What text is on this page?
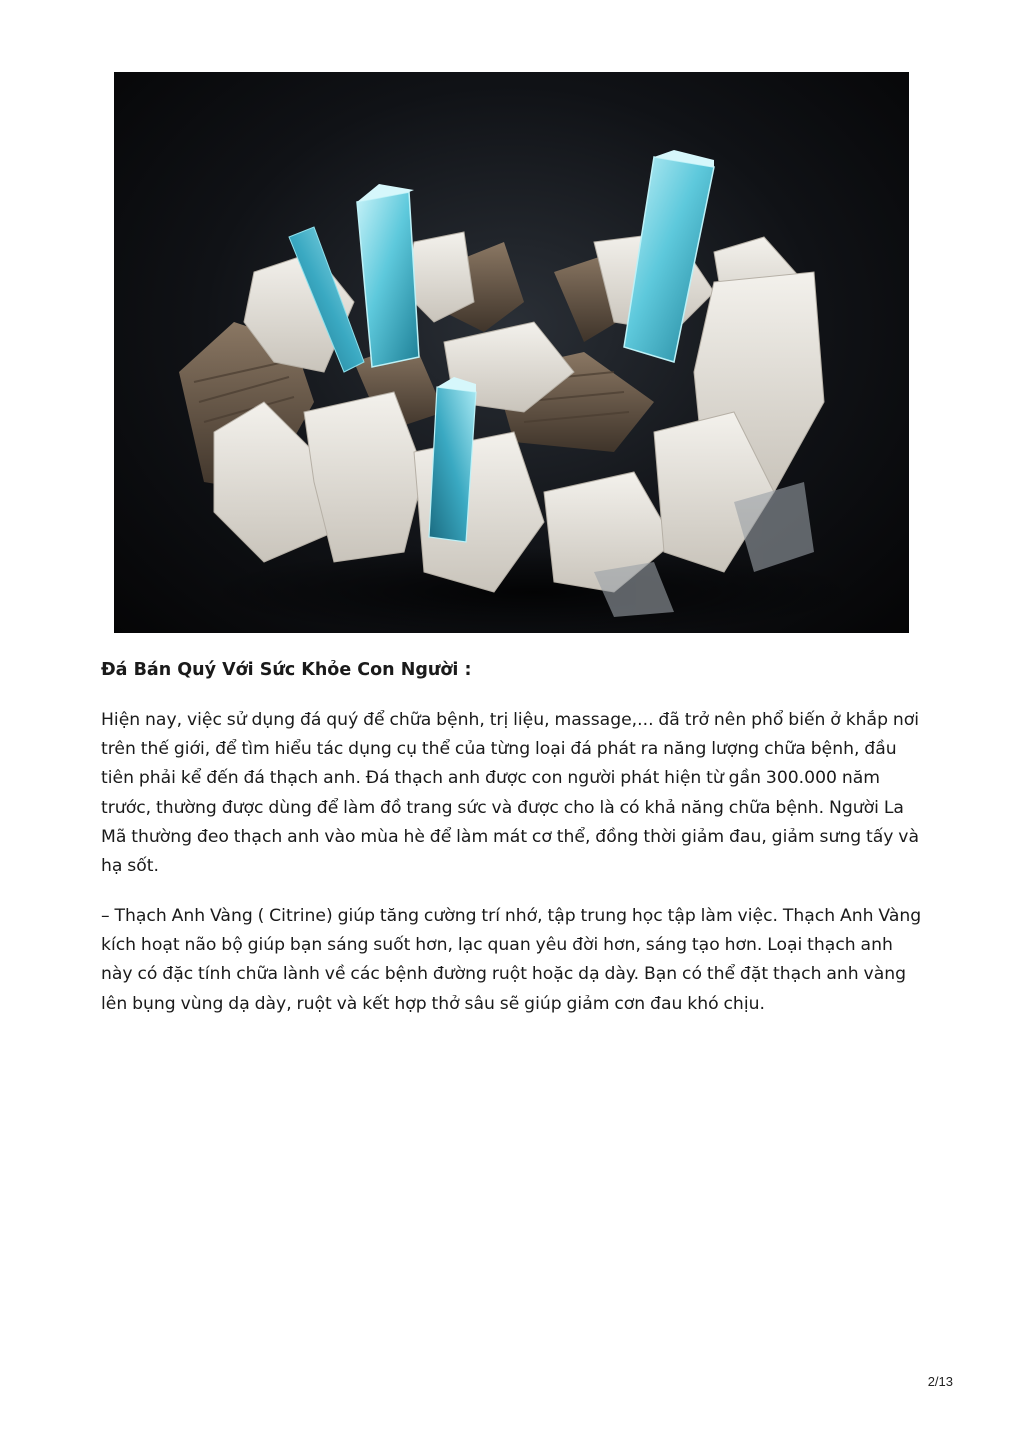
Đá Bán Quý Với Sức Khỏe Con Người :

Hiện nay, việc sử dụng đá quý để chữa bệnh, trị liệu, massage,... đã trở nên phổ biến ở khắp nơi trên thế giới, để tìm hiểu tác dụng cụ thể của từng loại đá phát ra năng lượng chữa bệnh, đầu tiên phải kể đến đá thạch anh. Đá thạch anh được con người phát hiện từ gần 300.000 năm trước, thường được dùng để làm đồ trang sức và được cho là có khả năng chữa bệnh. Người La Mã thường đeo thạch anh vào mùa hè để làm mát cơ thể, đồng thời giảm đau, giảm sưng tấy và hạ sốt.

– Thạch Anh Vàng ( Citrine) giúp tăng cường trí nhớ, tập trung học tập làm việc. Thạch Anh Vàng kích hoạt não bộ giúp bạn sáng suốt hơn, lạc quan yêu đời hơn, sáng tạo hơn. Loại thạch anh này có đặc tính chữa lành về các bệnh đường ruột hoặc dạ dày. Bạn có thể đặt thạch anh vàng lên bụng vùng dạ dày, ruột và kết hợp thở sâu sẽ giúp giảm cơn đau khó chịu.

2/13
